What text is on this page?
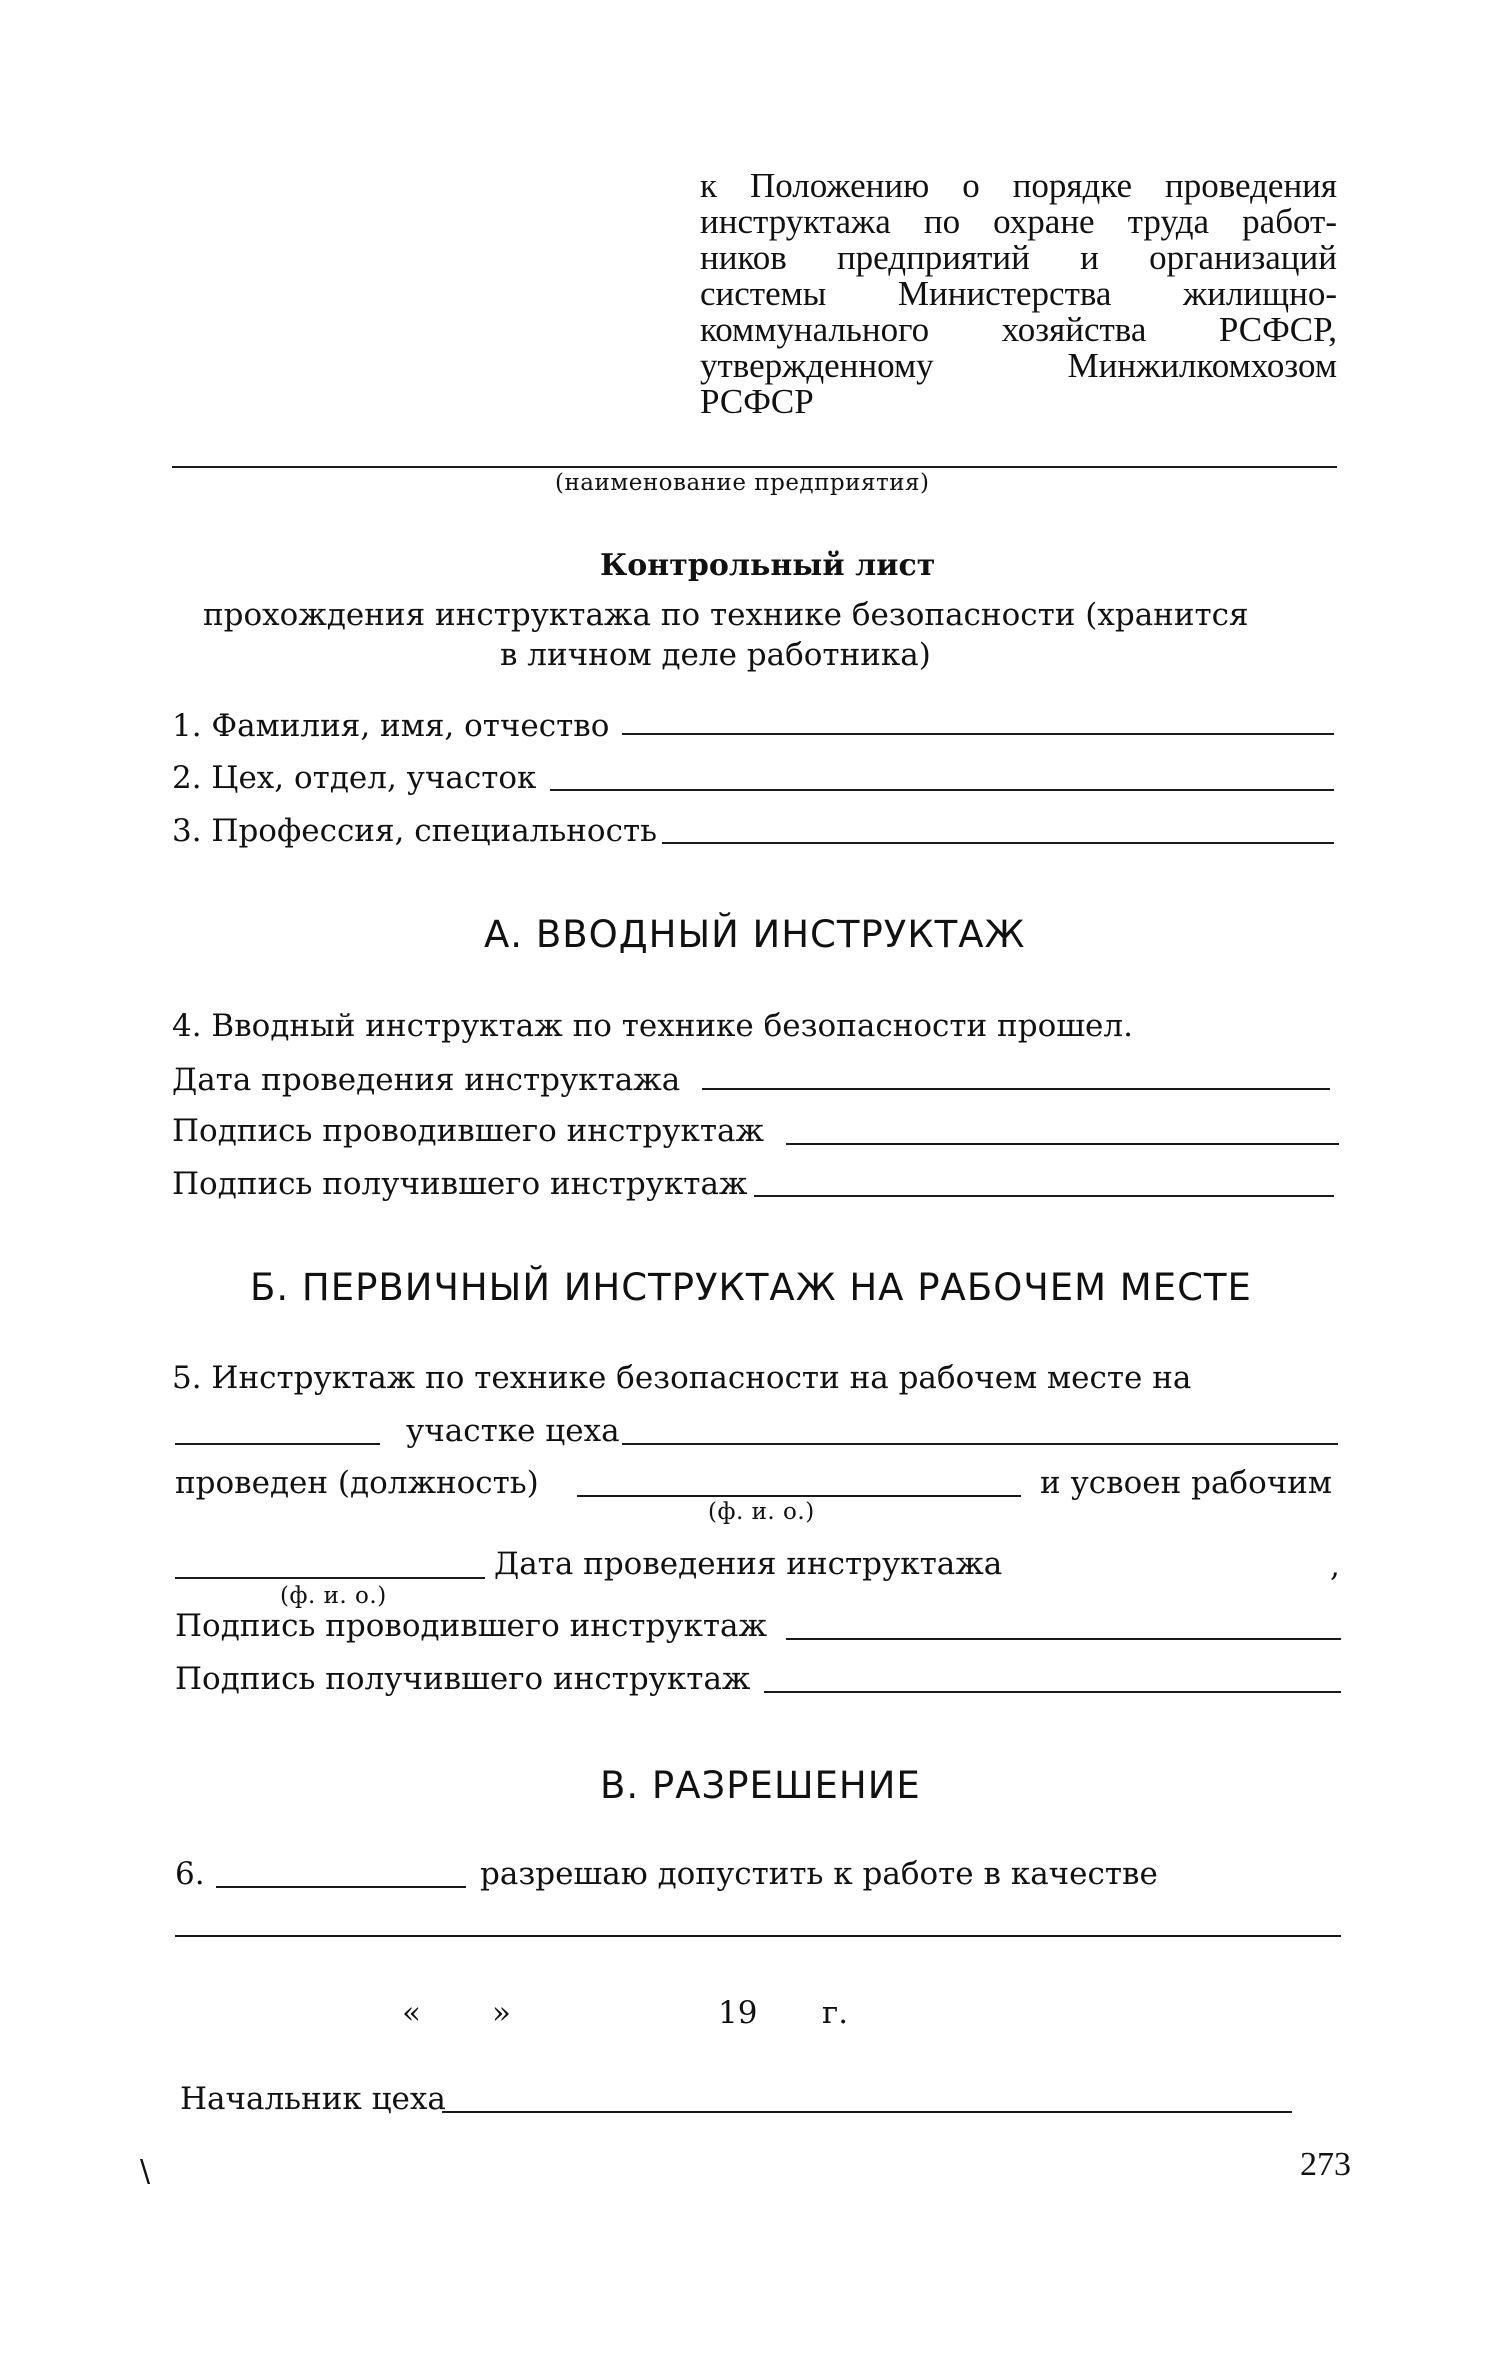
к Положению о порядке проведения
инструктажа по охране труда работ-
ников предприятий и организаций
системы Министерства жилищно-
коммунального хозяйства РСФСР,
утвержденному Минжилкомхозом
РСФСР
(наименование предприятия)
Контрольный лист
прохождения инструктажа по технике безопасности (хранится
в личном деле работника)
1. Фамилия, имя, отчество
2. Цех, отдел, участок
3. Профессия, специальность
А. ВВОДНЫЙ ИНСТРУКТАЖ
4. Вводный инструктаж по технике безопасности прошел.
Дата проведения инструктажа
Подпись проводившего инструктаж
Подпись получившего инструктаж
Б. ПЕРВИЧНЫЙ ИНСТРУКТАЖ НА РАБОЧЕМ МЕСТЕ
5. Инструктаж по технике безопасности на рабочем месте на
участке цеха
проведен (должность)
(ф. и. о.)
и усвоен рабочим
Дата проведения инструктажа	,
(ф. и. о.)
Подпись проводившего инструктаж
Подпись получившего инструктаж
В. РАЗРЕШЕНИЕ
6.	разрешаю допустить к работе в качестве
« »	19 г.
Начальник цеха
\	273
